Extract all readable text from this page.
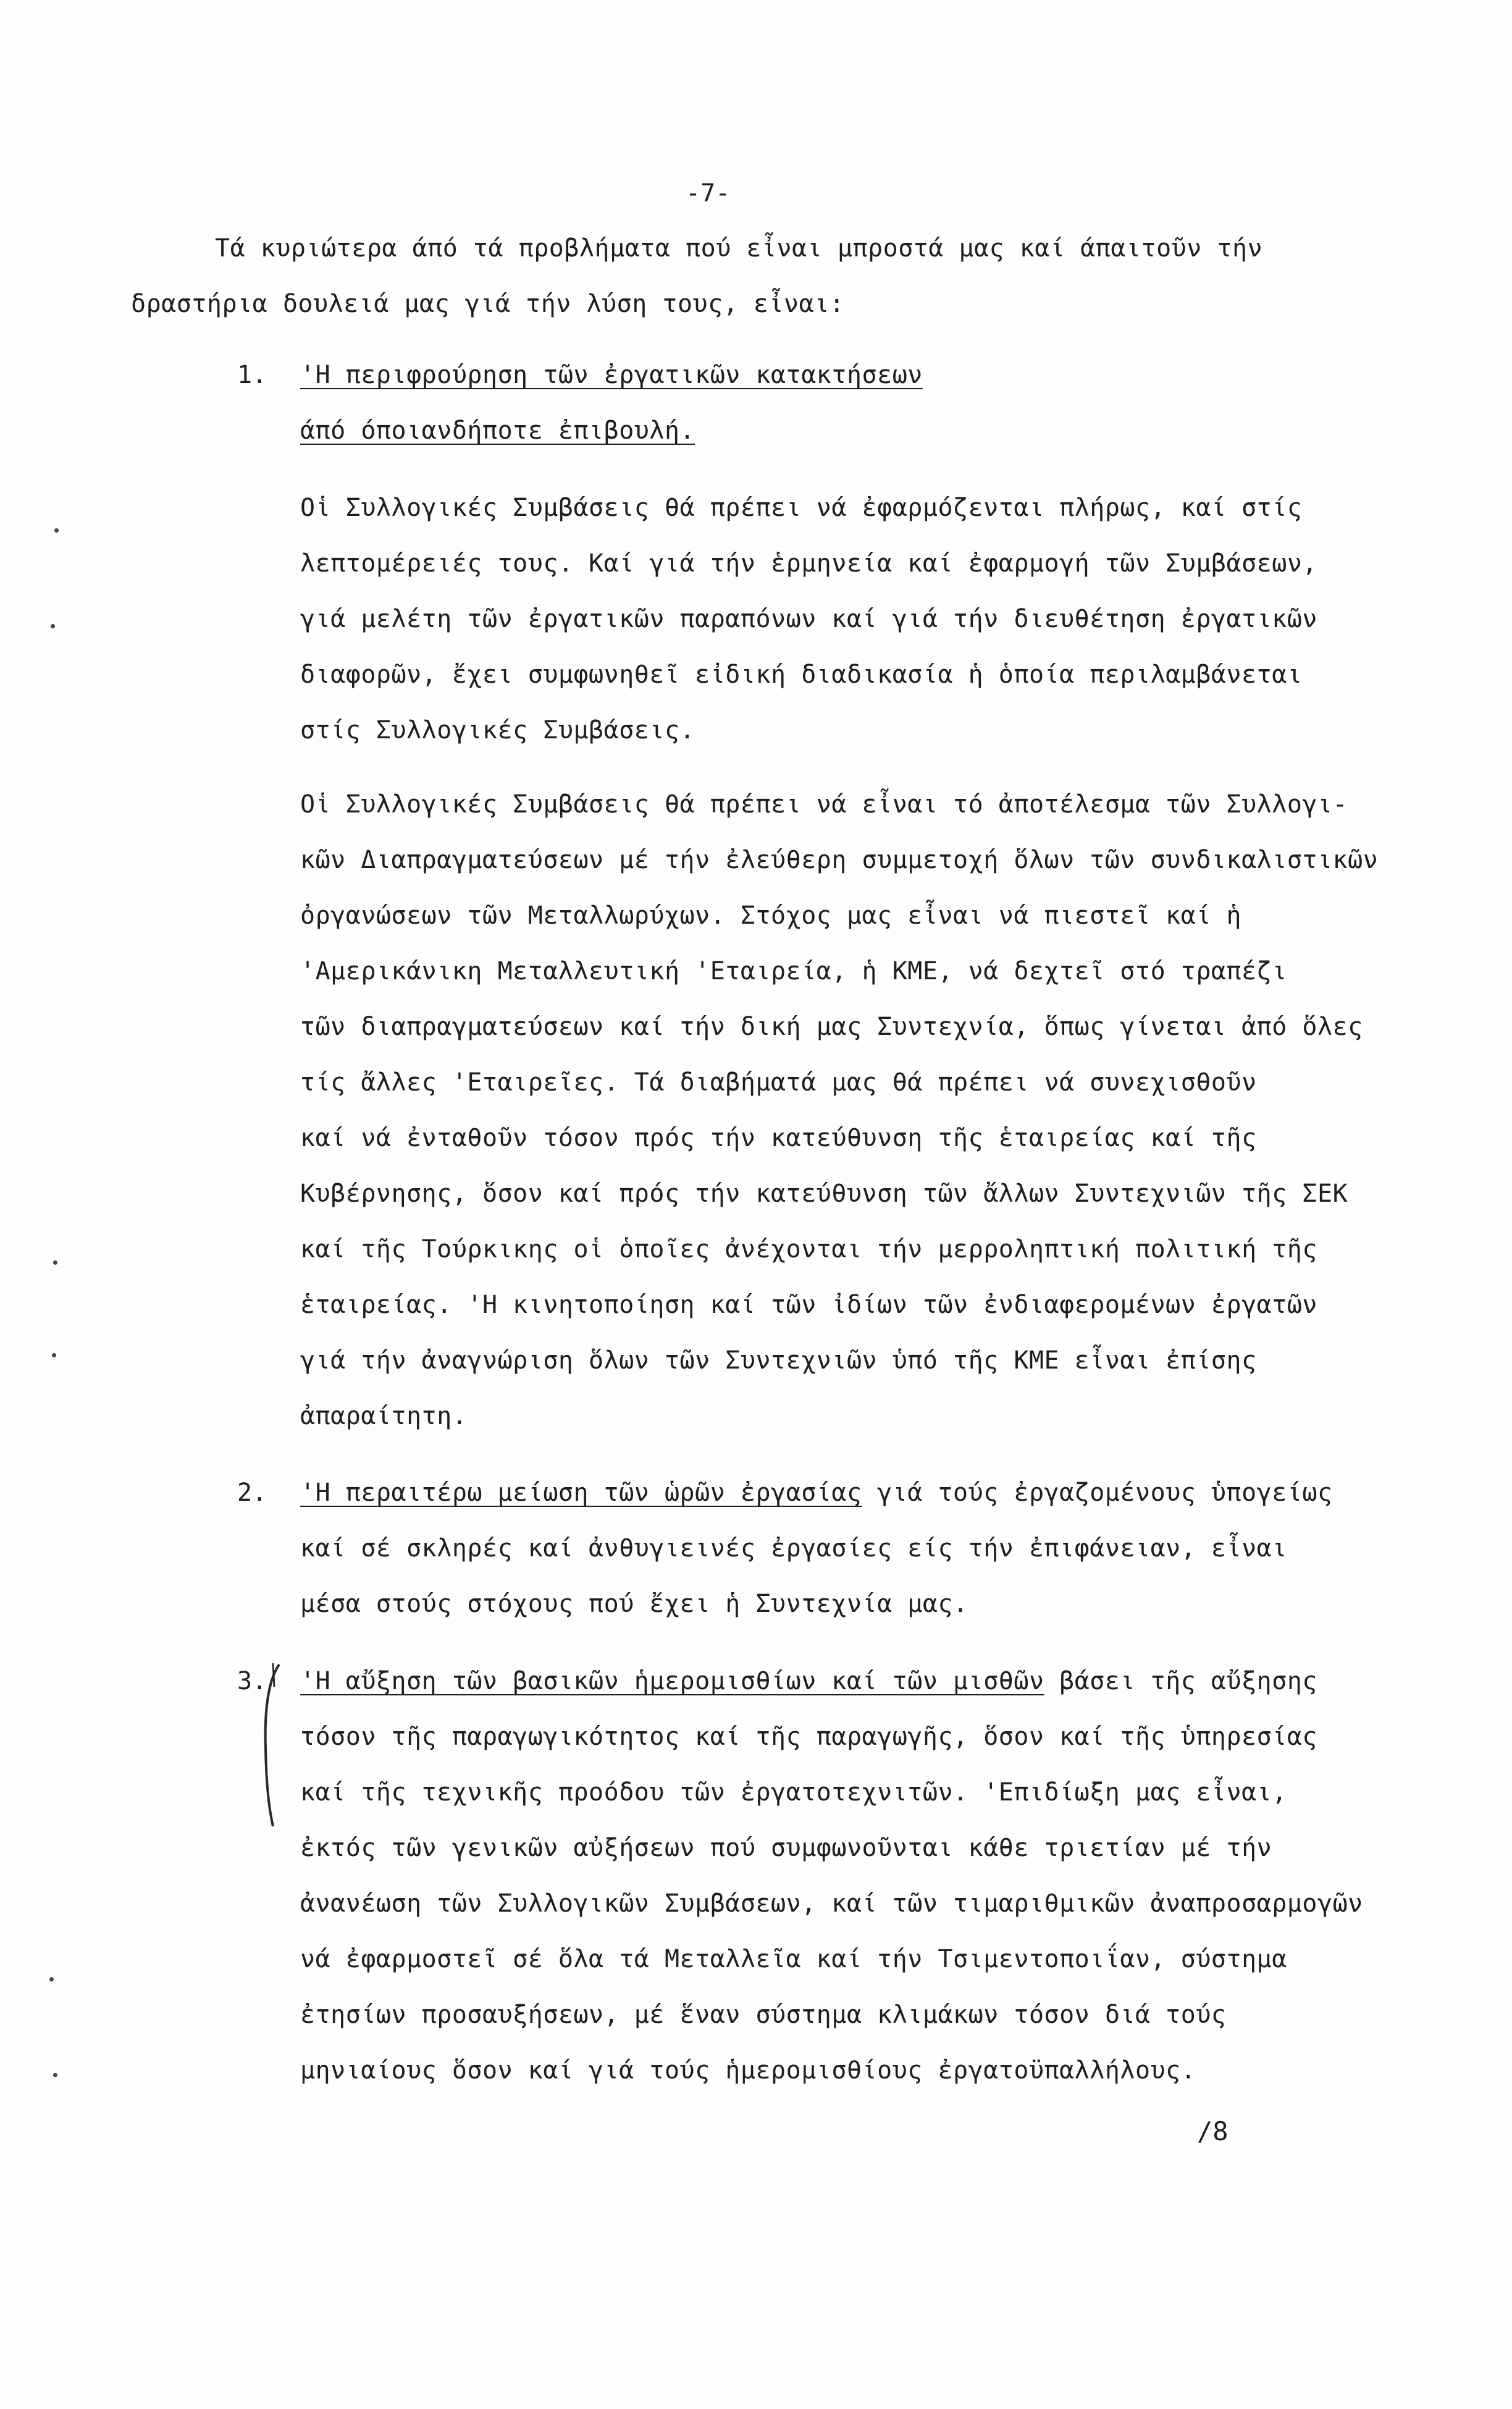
-7-
Τά κυριώτερα άπό τά προβλήματα πού εἶναι μπροστά μας καί άπαιτοῦν τήν
δραστήρια δουλειά μας γιά τήν λύση τους, εἶναι:
1. 'Η περιφρούρηση τῶν ἐργατικῶν κατακτήσεων
άπό όποιανδήποτε ἐπιβουλή.
Οἱ Συλλογικές Συμβάσεις θά πρέπει νά ἐφαρμόζενται πλήρως, καί στίς
λεπτομέρειές τους. Καί γιά τήν ἑρμηνεία καί ἐφαρμογή τῶν Συμβάσεων,
γιά μελέτη τῶν ἐργατικῶν παραπόνων καί γιά τήν διευθέτηση ἐργατικῶν
διαφορῶν, ἔχει συμφωνηθεῖ εἰδική διαδικασία ἡ ὁποία περιλαμβάνεται
στίς Συλλογικές Συμβάσεις.
Οἱ Συλλογικές Συμβάσεις θά πρέπει νά εἶναι τό ἀποτέλεσμα τῶν Συλλογι-
κῶν Διαπραγματεύσεων μέ τήν ἐλεύθερη συμμετοχή ὅλων τῶν συνδικαλιστικῶν
ὀργανώσεων τῶν Μεταλλωρύχων. Στόχος μας εἶναι νά πιεστεῖ καί ἡ
'Αμερικάνικη Μεταλλευτική 'Εταιρεία, ἡ ΚΜΕ, νά δεχτεῖ στό τραπέζι
τῶν διαπραγματεύσεων καί τήν δική μας Συντεχνία, ὅπως γίνεται ἀπό ὅλες
τίς ἄλλες 'Εταιρεῖες. Τά διαβήματά μας θά πρέπει νά συνεχισθοῦν
καί νά ἐνταθοῦν τόσον πρός τήν κατεύθυνση τῆς ἑταιρείας καί τῆς
Κυβέρνησης, ὅσον καί πρός τήν κατεύθυνση τῶν ἄλλων Συντεχνιῶν τῆς ΣΕΚ
καί τῆς Τούρκικης οἱ ὁποῖες ἀνέχονται τήν μερροληπτική πολιτική τῆς
ἑταιρείας. 'Η κινητοποίηση καί τῶν ἰδίων τῶν ἐνδιαφερομένων ἐργατῶν
γιά τήν ἀναγνώριση ὅλων τῶν Συντεχνιῶν ὑπό τῆς ΚΜΕ εἶναι ἐπίσης
ἀπαραίτητη.
2. 'Η περαιτέρω μείωση τῶν ὡρῶν ἐργασίας γιά τούς ἐργαζομένους ὑπογείως
καί σέ σκληρές καί ἀνθυγιεινές ἐργασίες είς τήν ἐπιφάνειαν, εἶναι
μέσα στούς στόχους πού ἔχει ἡ Συντεχνία μας.
3. 'Η αὔξηση τῶν βασικῶν ἡμερομισθίων καί τῶν μισθῶν βάσει τῆς αὔξησης
τόσον τῆς παραγωγικότητος καί τῆς παραγωγῆς, ὅσον καί τῆς ὑπηρεσίας
καί τῆς τεχνικῆς προόδου τῶν ἐργατοτεχνιτῶν. 'Επιδίωξη μας εἶναι,
ἐκτός τῶν γενικῶν αὐξήσεων πού συμφωνοῦνται κάθε τριετίαν μέ τήν
ἀνανέωση τῶν Συλλογικῶν Συμβάσεων, καί τῶν τιμαριθμικῶν ἀναπροσαρμογῶν
νά ἐφαρμοστεῖ σέ ὅλα τά Μεταλλεῖα καί τήν Τσιμεντοποιΐαν, σύστημα
ἐτησίων προσαυξήσεων, μέ ἕναν σύστημα κλιμάκων τόσον διά τούς
μηνιαίους ὅσον καί γιά τούς ἡμερομισθίους ἐργατοϋπαλλήλους.
/8
